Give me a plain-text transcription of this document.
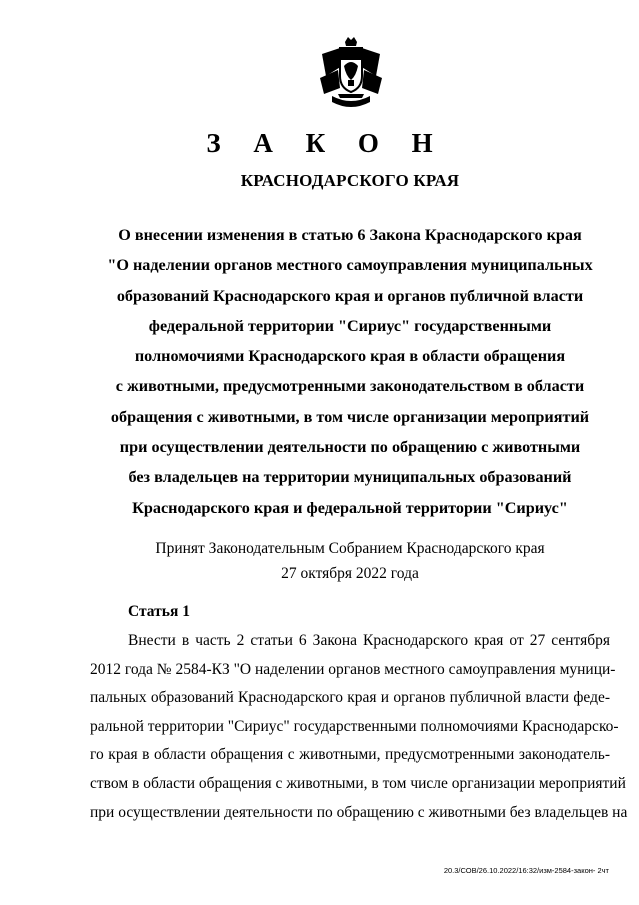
З А К О Н
КРАСНОДАРСКОГО КРАЯ
О внесении изменения в статью 6 Закона Краснодарского края
"О наделении органов местного самоуправления муниципальных
образований Краснодарского края и органов публичной власти
федеральной территории "Сириус" государственными
полномочиями Краснодарского края в области обращения
с животными, предусмотренными законодательством в области
обращения с животными, в том числе организации мероприятий
при осуществлении деятельности по обращению с животными
без владельцев на территории муниципальных образований
Краснодарского края и федеральной территории "Сириус"
Принят Законодательным Собранием Краснодарского края
27 октября 2022 года
Статья 1
Внести в часть 2 статьи 6 Закона Краснодарского края от 27 сентября
2012 года № 2584-КЗ "О наделении органов местного самоуправления муници-
пальных образований Краснодарского края и органов публичной власти феде-
ральной территории "Сириус" государственными полномочиями Краснодарско-
го края в области обращения с животными, предусмотренными законодатель-
ством в области обращения с животными, в том числе организации мероприятий
при осуществлении деятельности по обращению с животными без владельцев на
20.3/СОВ/26.10.2022/16:32/изм-2584-закон- 2чт
